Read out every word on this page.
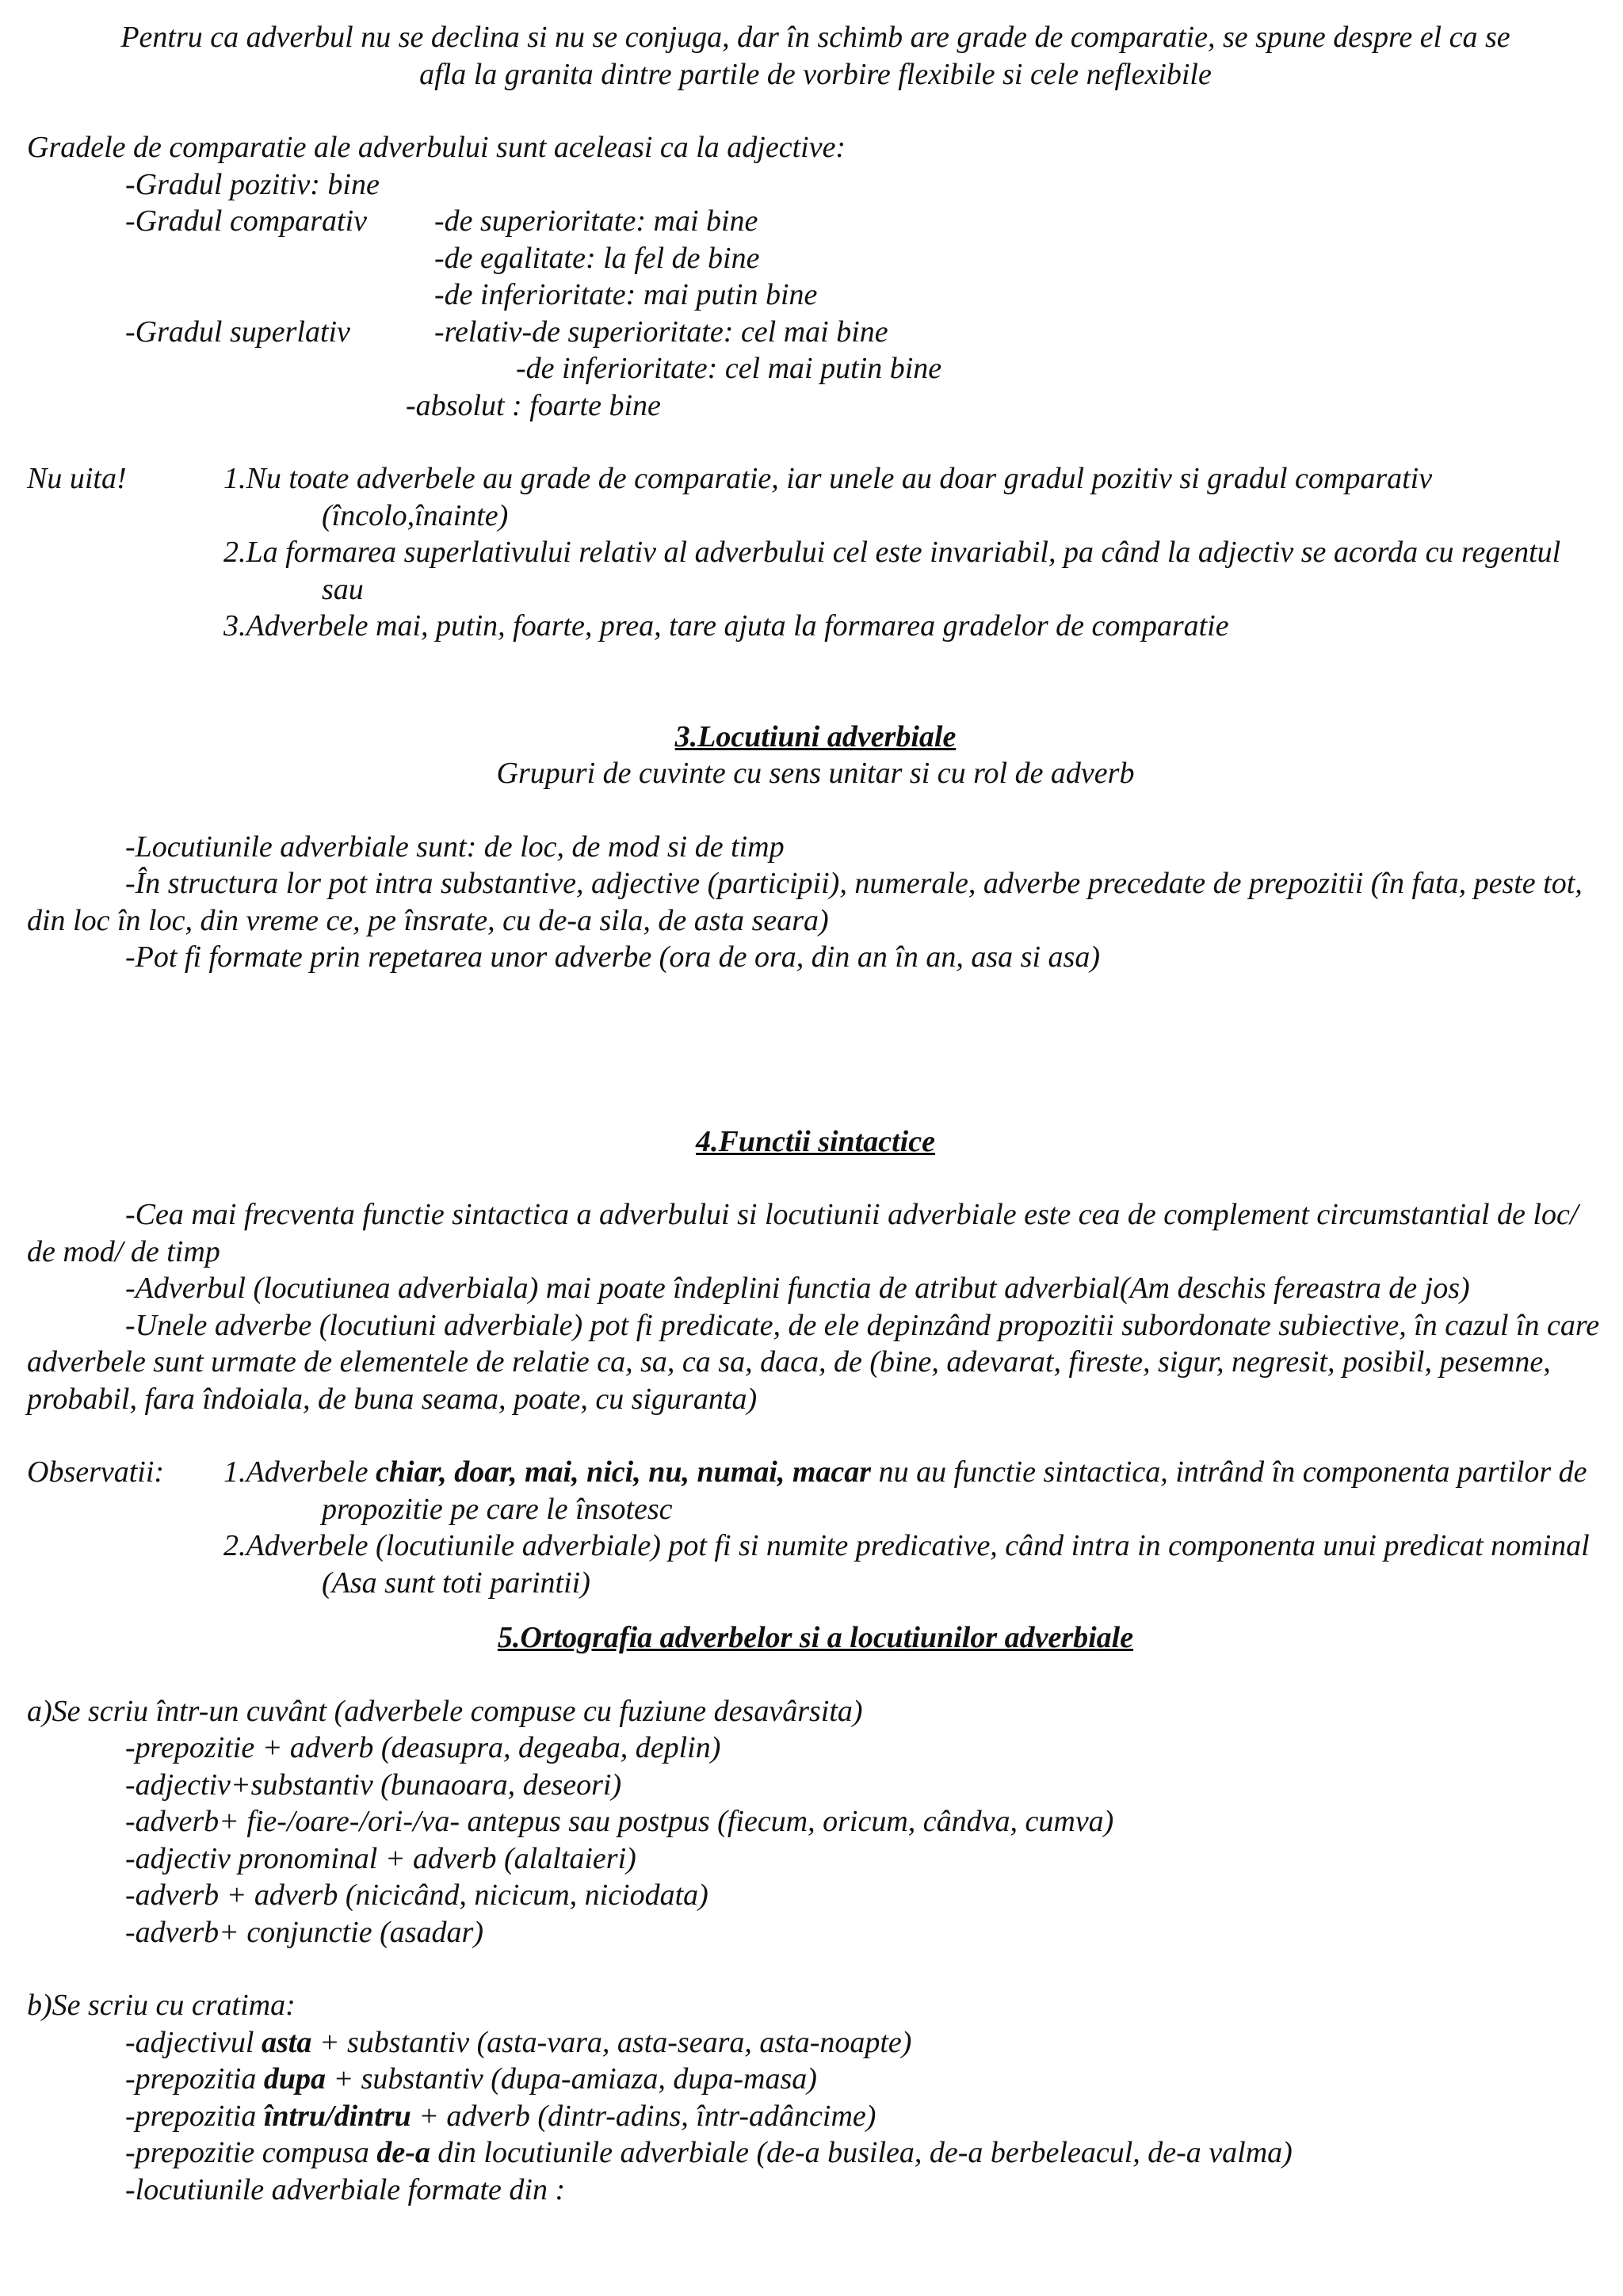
Pentru ca adverbul nu se declina si nu se conjuga, dar în schimb are grade de comparatie, se spune despre el ca se

afla la granita dintre partile de vorbire flexibile si cele neflexibile

Gradele de comparatie ale adverbului sunt aceleasi ca la adjective:

-Gradul pozitiv: bine

-Gradul comparativ	-de superioritate: mai bine
-de egalitate: la fel de bine
-de inferioritate: mai putin bine
-Gradul superlativ	-relativ-de superioritate: cel mai bine

-de inferioritate: cel mai putin bine

-absolut : foarte bine

Nu uita!	1.Nu toate adverbele au grade de comparatie, iar unele au doar gradul pozitiv si gradul comparativ (încolo,înainte)

2.La formarea superlativului relativ al adverbului cel este invariabil, pa când la adjectiv se acorda cu regentul sau

3.Adverbele mai, putin, foarte, prea, tare ajuta la formarea gradelor de comparatie

3.Locutiuni adverbiale

Grupuri de cuvinte cu sens unitar si cu rol de adverb

-Locutiunile adverbiale sunt: de loc, de mod si de timp

-În structura lor pot intra substantive, adjective (participii), numerale, adverbe precedate de prepozitii (în fata, peste tot, din loc în loc, din vreme ce, pe însrate, cu de-a sila, de asta seara)

-Pot fi formate prin repetarea unor adverbe (ora de ora, din an în an, asa si asa)

4.Functii sintactice

-Cea mai frecventa functie sintactica a adverbului si locutiunii adverbiale este cea de complement circumstantial de loc/ de mod/ de timp

-Adverbul (locutiunea adverbiala) mai poate îndeplini functia de atribut adverbial(Am deschis fereastra de jos)

-Unele adverbe (locutiuni adverbiale) pot fi predicate, de ele depinzând propozitii subordonate subiective, în cazul în care adverbele sunt urmate de elementele de relatie ca, sa, ca sa, daca, de (bine, adevarat, fireste, sigur, negresit, posibil, pesemne, probabil, fara îndoiala, de buna seama, poate, cu siguranta)

Observatii:	1.Adverbele chiar, doar, mai, nici, nu, numai, macar nu au functie sintactica, intrând în componenta partilor de propozitie pe care le însotesc

2.Adverbele (locutiunile adverbiale) pot fi si numite predicative, când intra in componenta unui predicat nominal (Asa sunt toti parintii)

5.Ortografia adverbelor si a locutiunilor adverbiale

a)Se scriu într-un cuvânt (adverbele compuse cu fuziune desavârsita)

-prepozitie + adverb (deasupra, degeaba, deplin)

-adjectiv+substantiv (bunaoara, deseori)

-adverb+ fie-/oare-/ori-/va- antepus sau postpus (fiecum, oricum, cândva, cumva)

-adjectiv pronominal + adverb (alaltaieri)

-adverb + adverb (nicicând, nicicum, niciodata)

-adverb+ conjunctie (asadar)

b)Se scriu cu cratima:

-adjectivul asta + substantiv (asta-vara, asta-seara, asta-noapte)

-prepozitia dupa + substantiv (dupa-amiaza, dupa-masa)

-prepozitia întru/dintru + adverb (dintr-adins, într-adâncime)

-prepozitie compusa de-a din locutiunile adverbiale (de-a busilea, de-a berbeleacul, de-a valma)

-locutiunile adverbiale formate din :
